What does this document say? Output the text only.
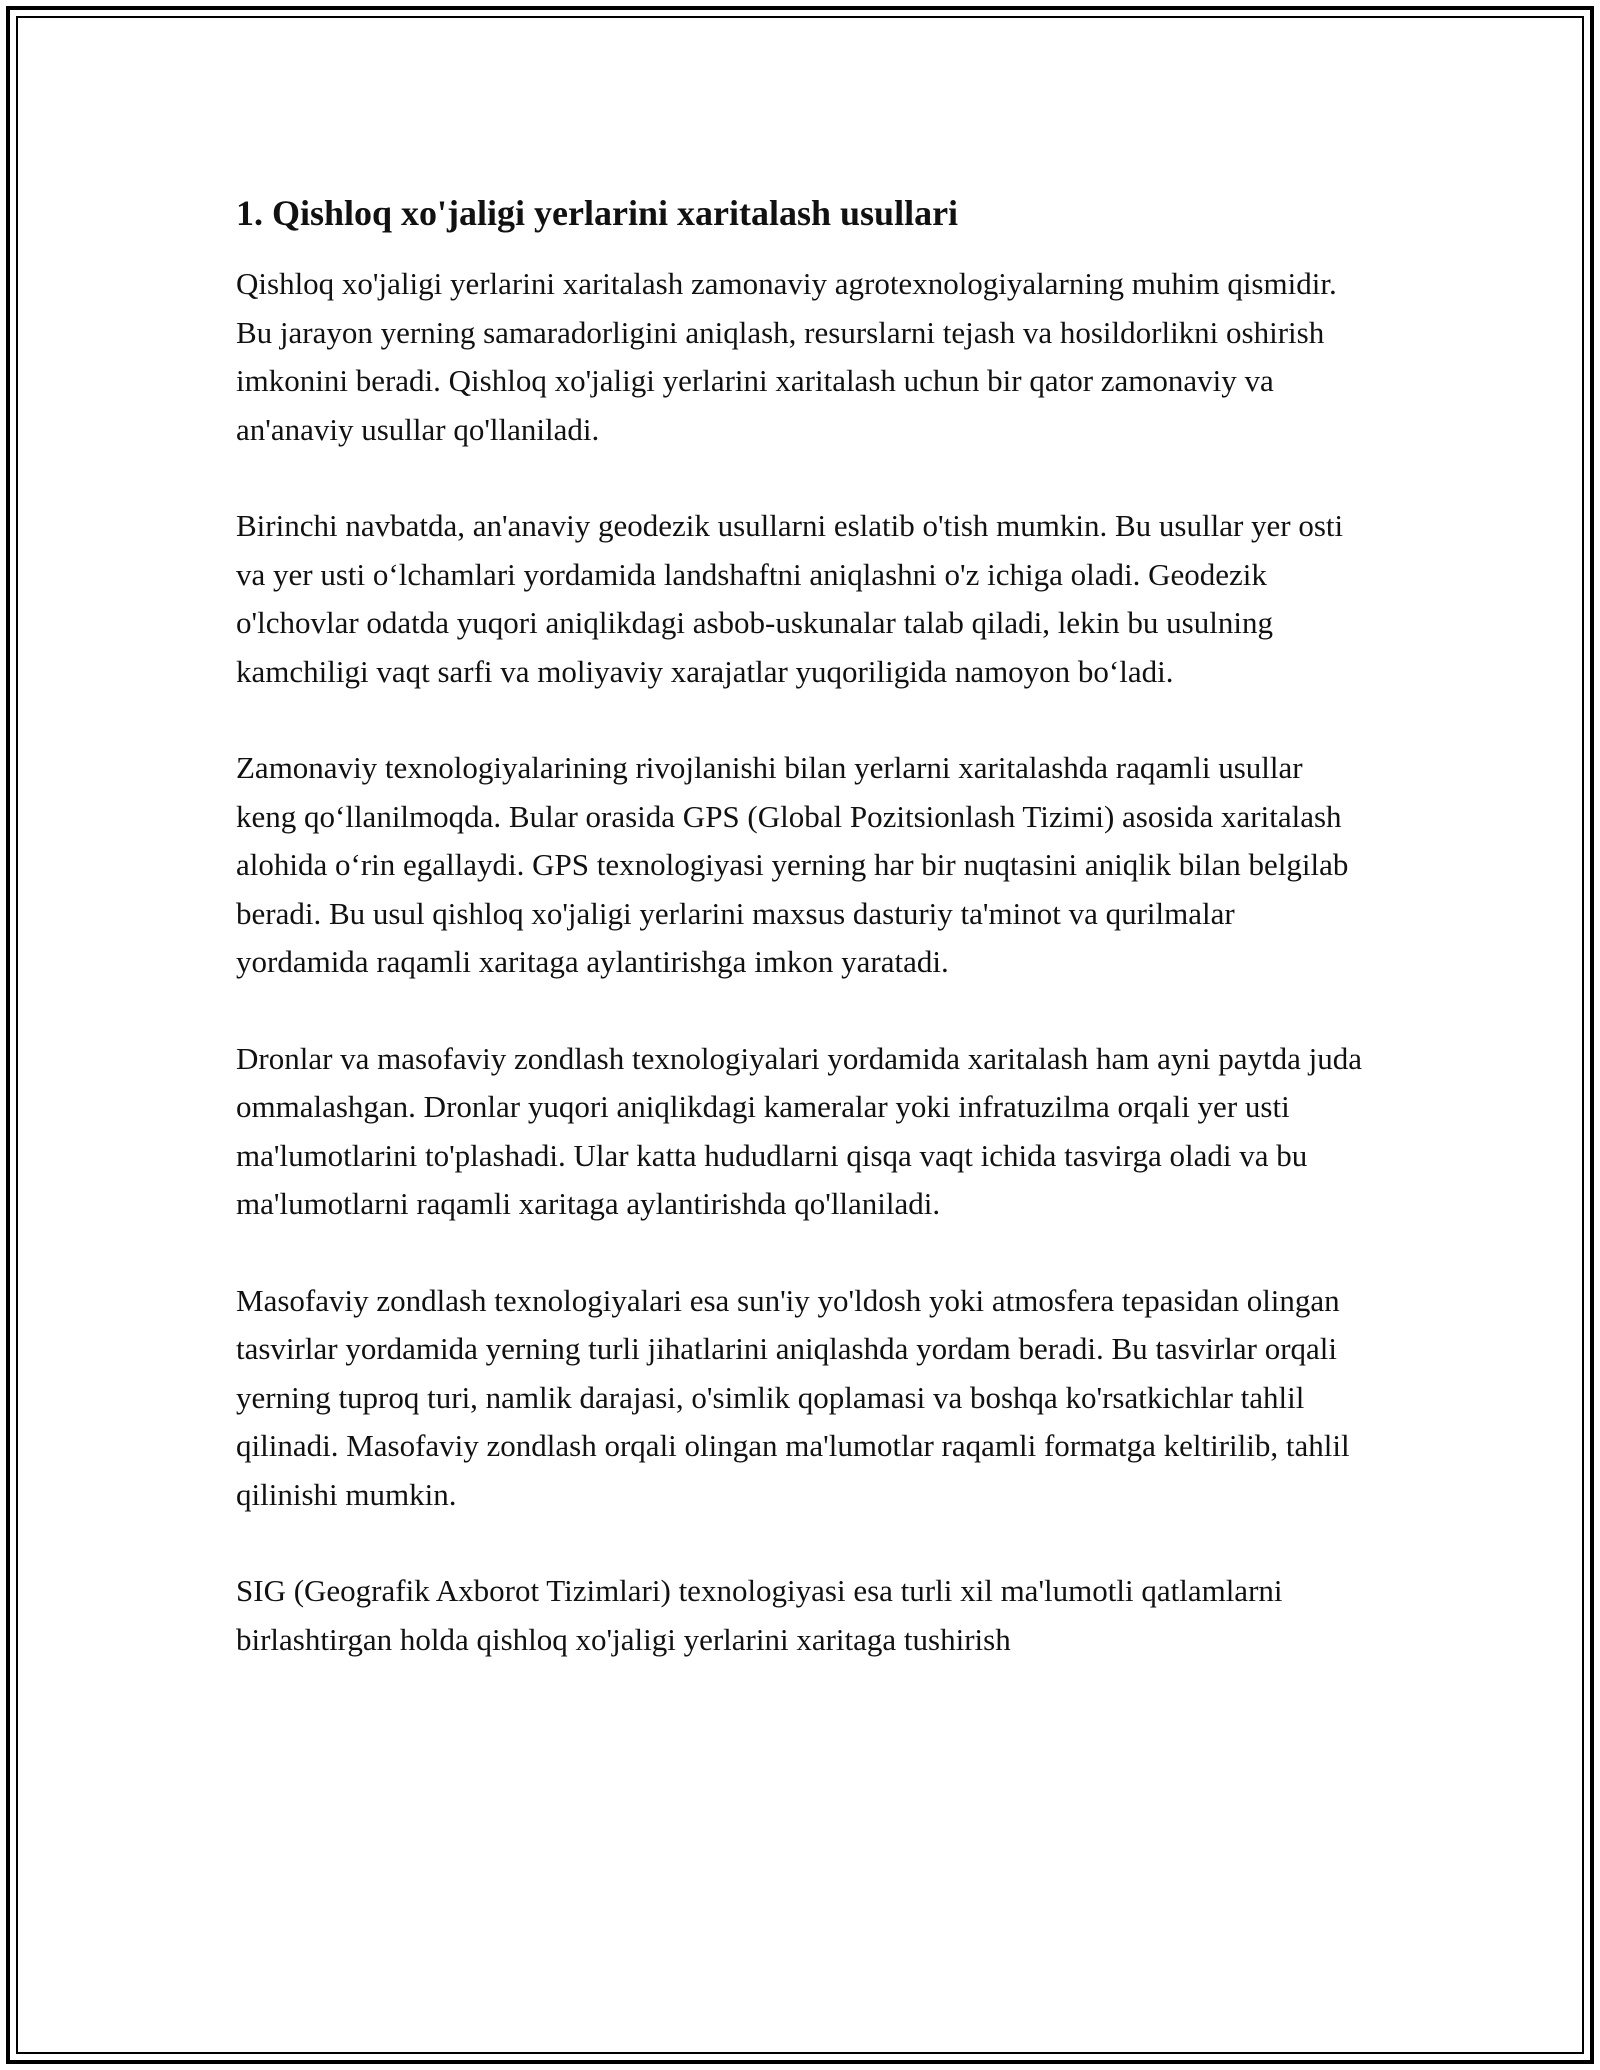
1. Qishloq xo'jaligi yerlarini xaritalash usullari

Qishloq xo'jaligi yerlarini xaritalash zamonaviy agrotexnologiyalarning muhim qismidir. Bu jarayon yerning samaradorligini aniqlash, resurslarni tejash va hosildorlikni oshirish imkonini beradi. Qishloq xo'jaligi yerlarini xaritalash uchun bir qator zamonaviy va an'anaviy usullar qo'llaniladi.

Birinchi navbatda, an'anaviy geodezik usullarni eslatib o'tish mumkin. Bu usullar yer osti va yer usti o‘lchamlari yordamida landshaftni aniqlashni o'z ichiga oladi. Geodezik o'lchovlar odatda yuqori aniqlikdagi asbob-uskunalar talab qiladi, lekin bu usulning kamchiligi vaqt sarfi va moliyaviy xarajatlar yuqoriligida namoyon bo‘ladi.

Zamonaviy texnologiyalarining rivojlanishi bilan yerlarni xaritalashda raqamli usullar keng qo‘llanilmoqda. Bular orasida GPS (Global Pozitsionlash Tizimi) asosida xaritalash alohida o‘rin egallaydi. GPS texnologiyasi yerning har bir nuqtasini aniqlik bilan belgilab beradi. Bu usul qishloq xo'jaligi yerlarini maxsus dasturiy ta'minot va qurilmalar yordamida raqamli xaritaga aylantirishga imkon yaratadi.

Dronlar va masofaviy zondlash texnologiyalari yordamida xaritalash ham ayni paytda juda ommalashgan. Dronlar yuqori aniqlikdagi kameralar yoki infratuzilma orqali yer usti ma'lumotlarini to'plashadi. Ular katta hududlarni qisqa vaqt ichida tasvirga oladi va bu ma'lumotlarni raqamli xaritaga aylantirishda qo'llaniladi.

Masofaviy zondlash texnologiyalari esa sun'iy yo'ldosh yoki atmosfera tepasidan olingan tasvirlar yordamida yerning turli jihatlarini aniqlashda yordam beradi. Bu tasvirlar orqali yerning tuproq turi, namlik darajasi, o'simlik qoplamasi va boshqa ko'rsatkichlar tahlil qilinadi. Masofaviy zondlash orqali olingan ma'lumotlar raqamli formatga keltirilib, tahlil qilinishi mumkin.

SIG (Geografik Axborot Tizimlari) texnologiyasi esa turli xil ma'lumotli qatlamlarni birlashtirgan holda qishloq xo'jaligi yerlarini xaritaga tushirish
